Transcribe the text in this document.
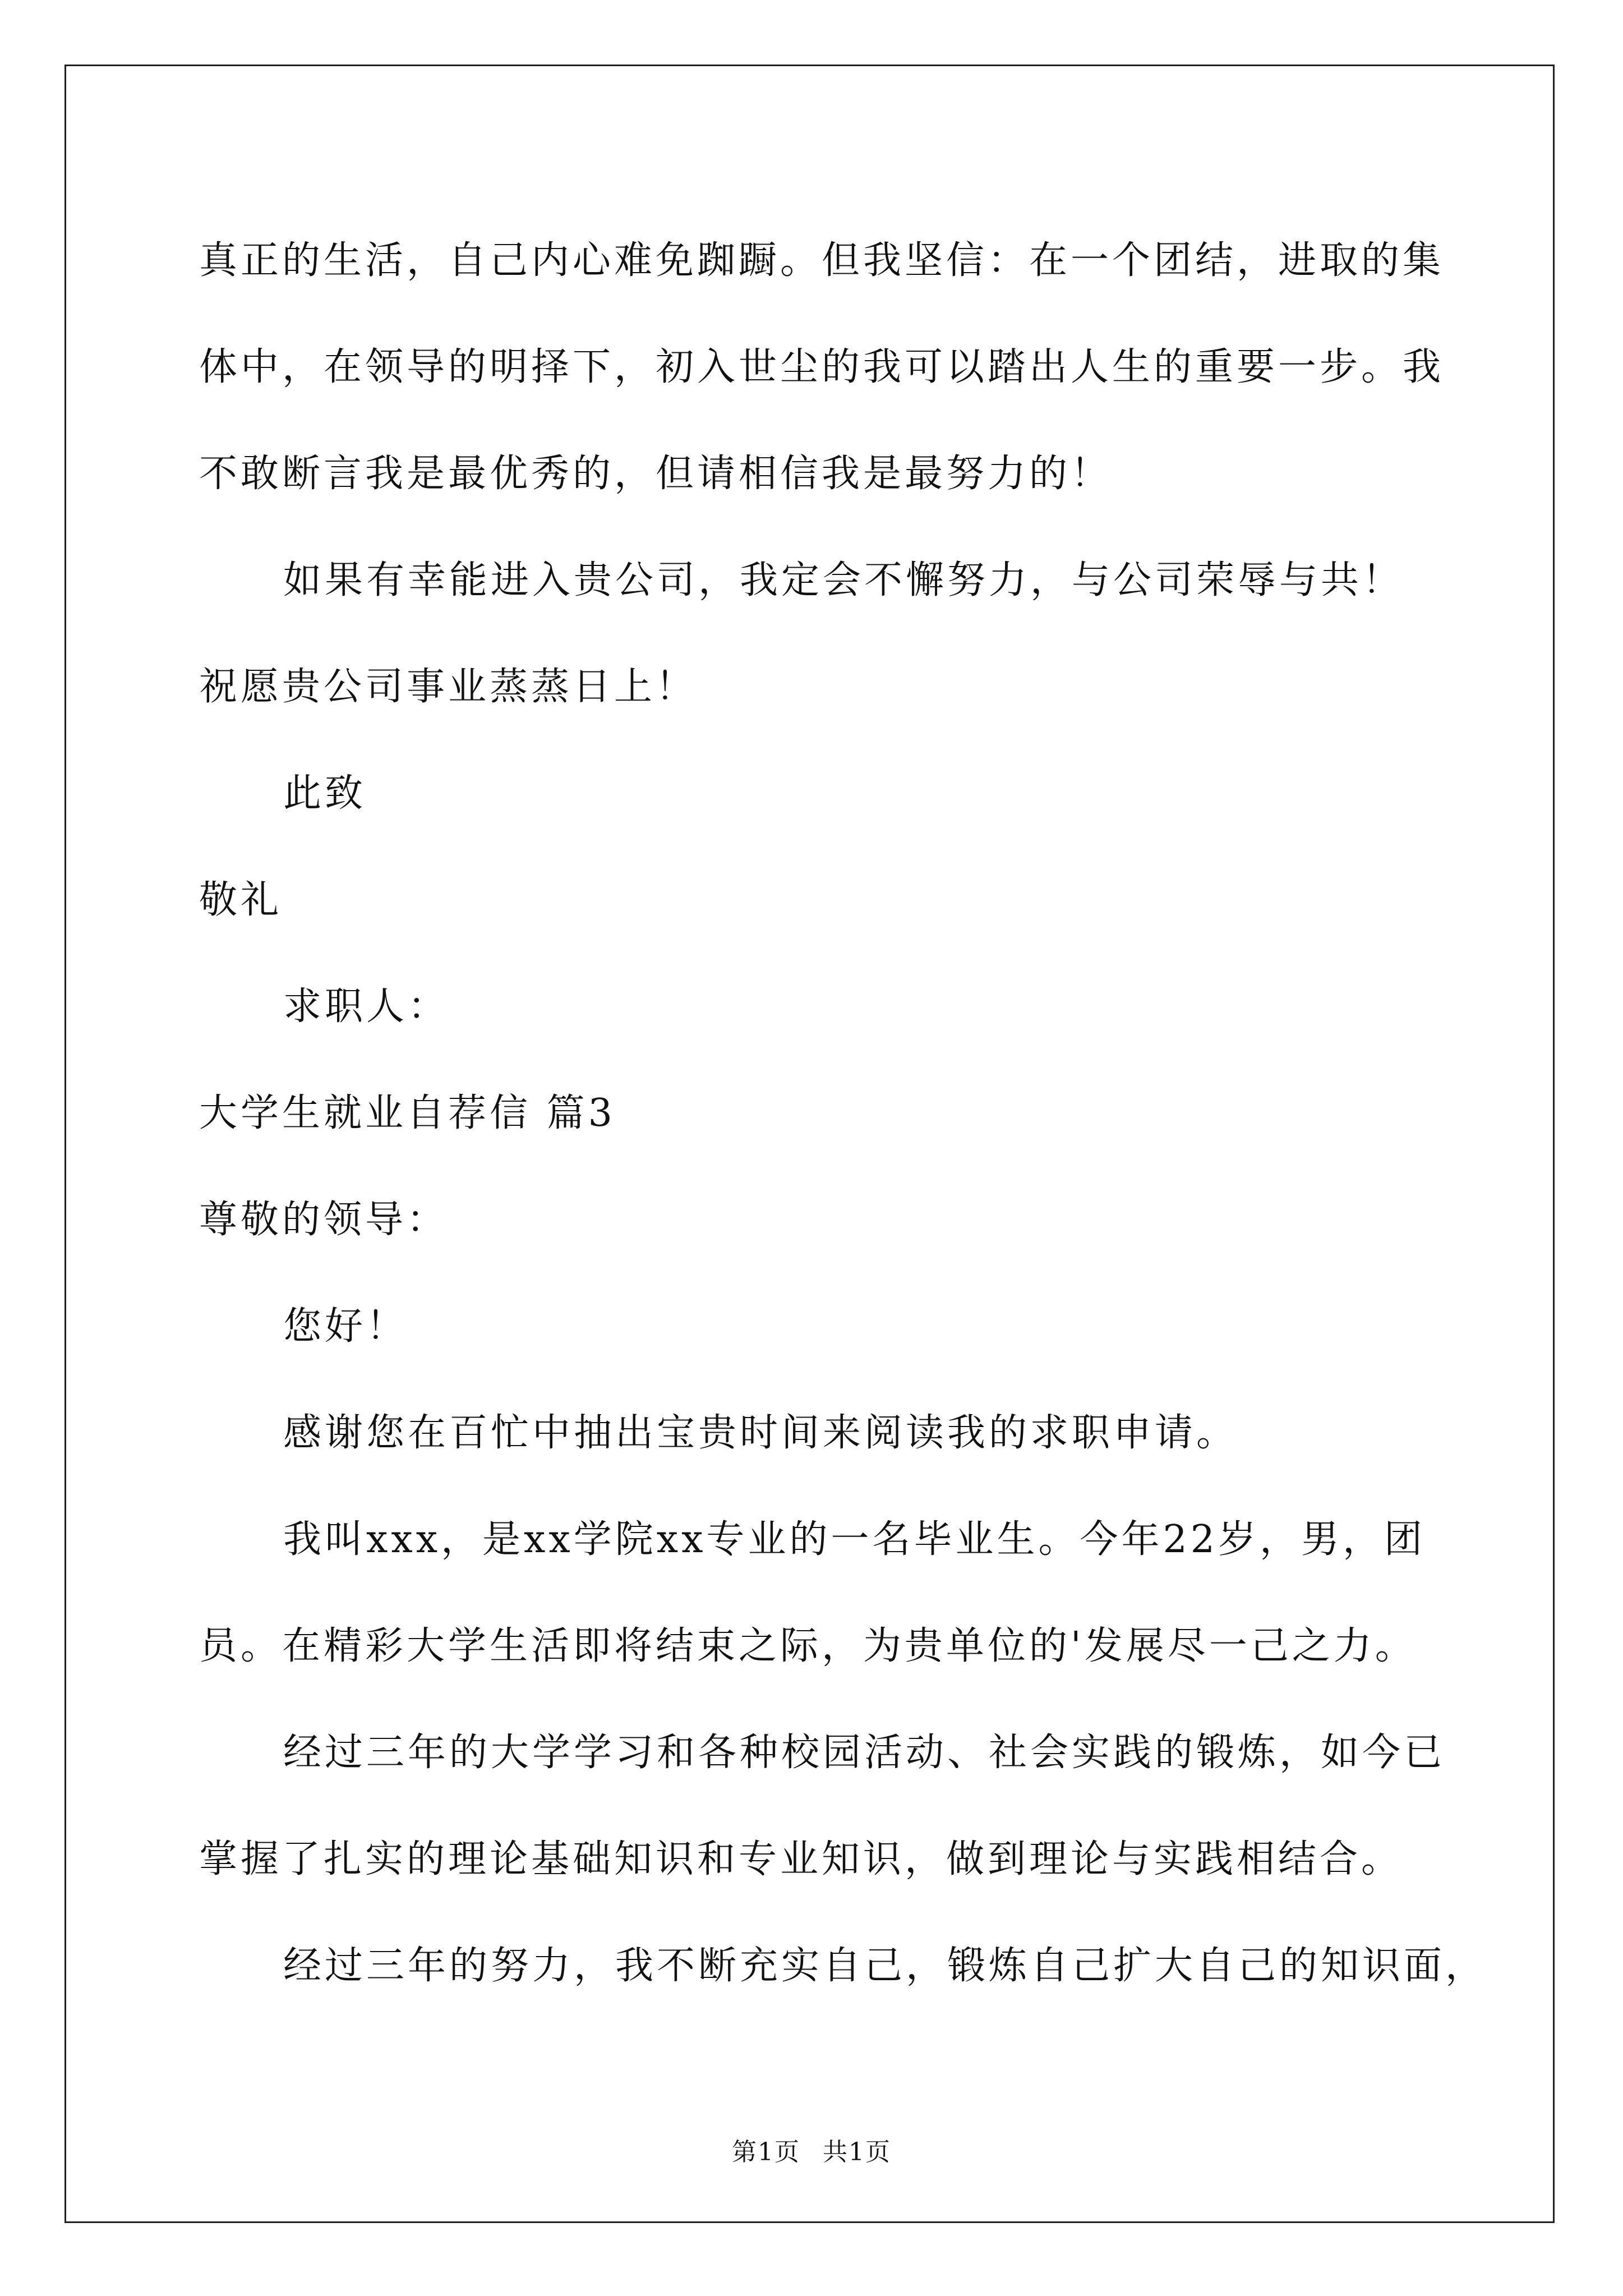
真正的生活，自己内心难免踟蹰。但我坚信：在一个团结，进取的集
体中，在领导的明择下，初入世尘的我可以踏出人生的重要一步。我
不敢断言我是最优秀的，但请相信我是最努力的！
如果有幸能进入贵公司，我定会不懈努力，与公司荣辱与共！
祝愿贵公司事业蒸蒸日上！
此致
敬礼
求职人：
大学生就业自荐信 篇3
尊敬的领导：
您好！
感谢您在百忙中抽出宝贵时间来阅读我的求职申请。
我叫xxx，是xx学院xx专业的一名毕业生。今年22岁，男，团
员。在精彩大学生活即将结束之际，为贵单位的'发展尽一己之力。
经过三年的大学学习和各种校园活动、社会实践的锻炼，如今已
掌握了扎实的理论基础知识和专业知识，做到理论与实践相结合。
经过三年的努力，我不断充实自己，锻炼自己扩大自己的知识面，
第1页 共1页
